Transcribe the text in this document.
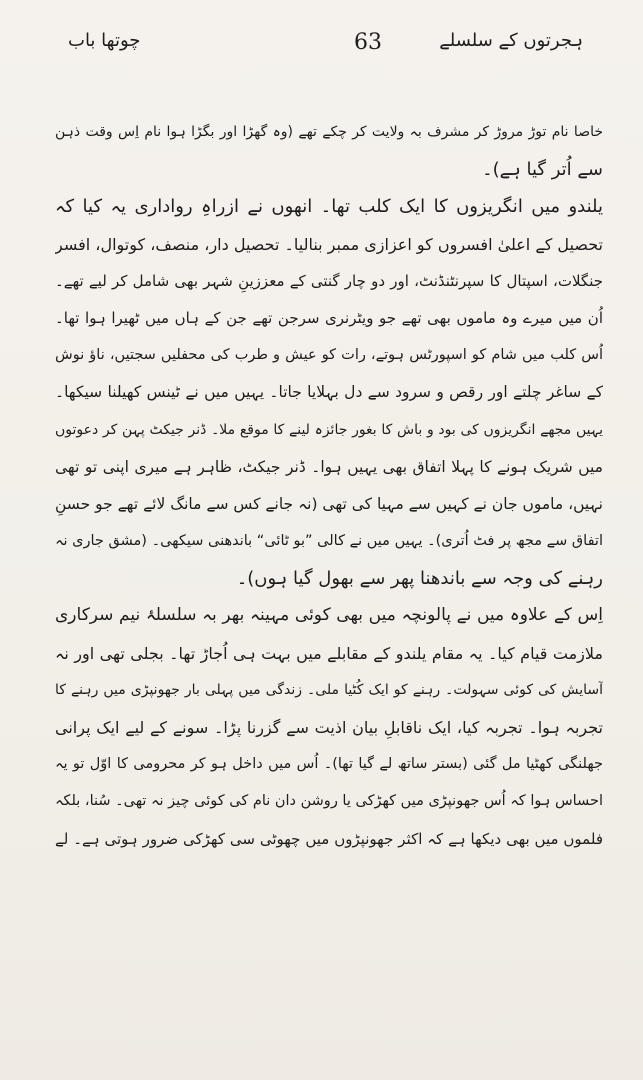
چوتھا باب	63	ہجرتوں کے سلسلے
خاصا نام توڑ مروڑ کر مشرف بہ ولایت کر چکے تھے (وہ گھڑا اور بگڑا ہوا نام اِس وقت ذہن
سے اُتر گیا ہے)۔
یلندو میں انگریزوں کا ایک کلب تھا۔ انھوں نے ازراہِ رواداری یہ کیا کہ
تحصیل کے اعلیٰ افسروں کو اعزازی ممبر بنالیا۔ تحصیل دار، منصف، کوتوال، افسر
جنگلات، اسپتال کا سپرنٹنڈنٹ، اور دو چار گنتی کے معززینِ شہر بھی شامل کر لیے تھے۔
اُن میں میرے وہ ماموں بھی تھے جو ویٹرنری سرجن تھے جن کے ہاں میں ٹھیرا ہوا تھا۔
اُس کلب میں شام کو اسپورٹس ہوتے، رات کو عیش و طرب کی محفلیں سجتیں، ناؤ نوش
کے ساغر چلتے اور رقص و سرود سے دل بہلایا جاتا۔ یہیں میں نے ٹینس کھیلنا سیکھا۔
یہیں مجھے انگریزوں کی بود و باش کا بغور جائزہ لینے کا موقع ملا۔ ڈنر جیکٹ پہن کر دعوتوں
میں شریک ہونے کا پہلا اتفاق بھی یہیں ہوا۔ ڈنر جیکٹ، ظاہر ہے میری اپنی تو تھی
نہیں، ماموں جان نے کہیں سے مہیا کی تھی (نہ جانے کس سے مانگ لائے تھے جو حسنِ
اتفاق سے مجھ پر فٹ اُتری)۔ یہیں میں نے کالی ”بو ٹائی“ باندھنی سیکھی۔ (مشق جاری نہ
رہنے کی وجہ سے باندھنا پھر سے بھول گیا ہوں)۔
اِس کے علاوہ میں نے پالونچہ میں بھی کوئی مہینہ بھر بہ سلسلۂ نیم سرکاری
ملازمت قیام کیا۔ یہ مقام یلندو کے مقابلے میں بہت ہی اُجاڑ تھا۔ بجلی تھی اور نہ
آسایش کی کوئی سہولت۔ رہنے کو ایک کُٹیا ملی۔ زندگی میں پہلی بار جھونپڑی میں رہنے کا
تجربہ ہوا۔ تجربہ کیا، ایک ناقابلِ بیان اذیت سے گزرنا پڑا۔ سونے کے لیے ایک پرانی
جھلنگی کھٹیا مل گئی (بستر ساتھ لے گیا تھا)۔ اُس میں داخل ہو کر محرومی کا اوّل تو یہ
احساس ہوا کہ اُس جھونپڑی میں کھڑکی یا روشن دان نام کی کوئی چیز نہ تھی۔ سُنا، بلکہ
فلموں میں بھی دیکھا ہے کہ اکثر جھونپڑوں میں چھوٹی سی کھڑکی ضرور ہوتی ہے۔ لے
